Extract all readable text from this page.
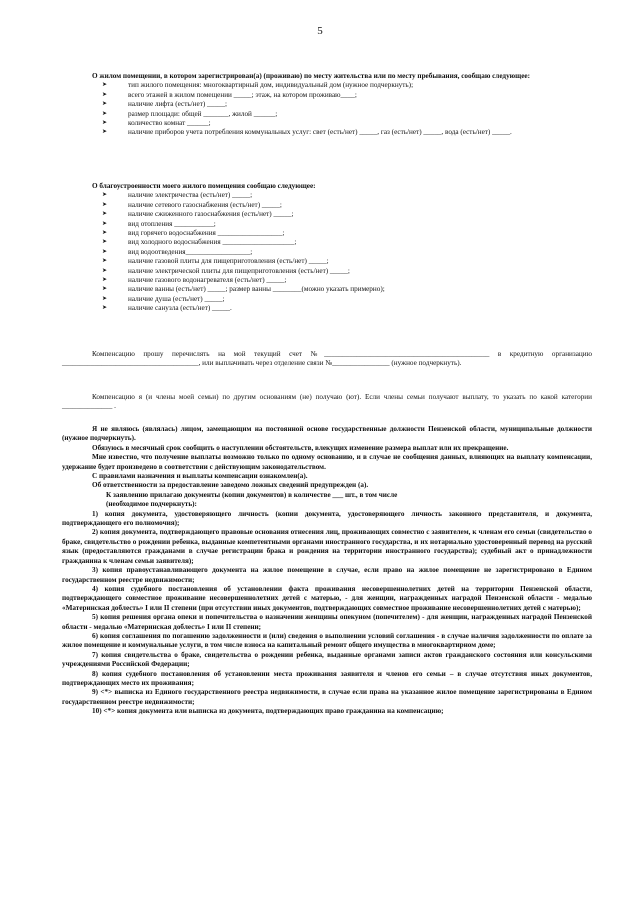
5

О жилом помещении, в котором зарегистрирован(а) (проживаю) по месту жительства или по месту пребывания, сообщаю следующее:

➤	тип жилого помещения: многоквартирный дом, индивидуальный дом (нужное подчеркнуть);
➤	всего этажей в жилом помещении _____; этаж, на котором проживаю____;
➤	наличие лифта (есть/нет) _____;
➤	размер площади: общей _______, жилой ______;
➤	количество комнат ______;
➤	наличие приборов учета потребления коммунальных услуг: свет (есть/нет) _____, газ (есть/нет) _____, вода (есть/нет) _____.

О благоустроенности моего жилого помещения сообщаю следующее:

➤	наличие электричества (есть/нет) _____;
➤	наличие сетевого газоснабжения (есть/нет) _____;
➤	наличие сжиженного газоснабжения (есть/нет) _____;
➤	вид отопления ___________;
➤	вид горячего водоснабжения __________________;
➤	вид холодного водоснабжения ____________________;
➤	вид водоотведения__________________;
➤	наличие газовой плиты для пищеприготовления (есть/нет) _____;
➤	наличие электрической плиты для пищеприготовления (есть/нет) _____;
➤	наличие газового водонагревателя (есть/нет) _____;
➤	наличие ванны (есть/нет) _____; размер ванны ________(можно указать примерно);
➤	наличие душа (есть/нет) _____;
➤	наличие санузла (есть/нет) _____.

Компенсацию прошу перечислять на мой текущий счет №______________________________________________ в кредитную организацию ______________________________________, или выплачивать через отделение связи №________________ (нужное подчеркнуть).

Компенсацию я (и члены моей семьи) по другим основаниям (не) получаю (ют). Если члены семьи получают выплату, то указать по какой категории ______________ .

Я не являюсь (являлась) лицом, замещающим на постоянной основе государственные должности Пензенской области, муниципальные должности (нужное подчеркнуть).

Обязуюсь в месячный срок сообщить о наступлении обстоятельств, влекущих изменение размера выплат или их прекращение.

Мне известно, что получение выплаты возможно только по одному основанию, и в случае не сообщения данных, влияющих на выплату компенсации, удержание будет произведено в соответствии с действующим законодательством.

С правилами назначения и выплаты компенсации ознакомлен(а).

Об ответственности за предоставление заведомо ложных сведений предупрежден (а).

К заявлению прилагаю документы (копии документов) в количестве ___ шт., в том числе

(необходимое подчеркнуть):

1) копия документа, удостоверяющего личность (копии документа, удостоверяющего личность законного представителя, и документа, подтверждающего его полномочия);

2) копия документа, подтверждающего правовые основания отнесения лиц, проживающих совместно с заявителем, к членам его семьи (свидетельство о браке, свидетельство о рождении ребенка, выданные компетентными органами иностранного государства, и их нотариально удостоверенный перевод на русский язык (предоставляются гражданами в случае регистрации брака и рождения на территории иностранного государства); судебный акт о принадлежности гражданина к членам семьи заявителя);

3) копия правоустанавливающего документа на жилое помещение в случае, если право на жилое помещение не зарегистрировано в Едином государственном реестре недвижимости;

4) копия судебного постановления об установлении факта проживания несовершеннолетних детей на территории Пензенской области, подтверждающего совместное проживание несовершеннолетних детей с матерью, - для женщин, награжденных наградой Пензенской области - медалью «Материнская доблесть» I или II степени (при отсутствии иных документов, подтверждающих совместное проживание несовершеннолетних детей с матерью);

5) копия решения органа опеки и попечительства о назначении женщины опекуном (попечителем) - для женщин, награжденных наградой Пензенской области - медалью «Материнская доблесть» I или II степени;

6) копия соглашения по погашению задолженности и (или) сведения о выполнении условий соглашения - в случае наличия задолженности по оплате за жилое помещение и коммунальные услуги, в том числе взноса на капитальный ремонт общего имущества в многоквартирном доме;

7) копия свидетельства о браке, свидетельства о рождении ребенка, выданные органами записи актов гражданского состояния или консульскими учреждениями Российской Федерации;

8) копия судебного постановления об установлении места проживания заявителя и членов его семьи – в случае отсутствия иных документов, подтверждающих место их проживания;

9) <*> выписка из Единого государственного реестра недвижимости, в случае если права на указанное жилое помещение зарегистрированы в Едином государственном реестре недвижимости;

10) <*> копия документа или выписка из документа, подтверждающих право гражданина на компенсацию;
